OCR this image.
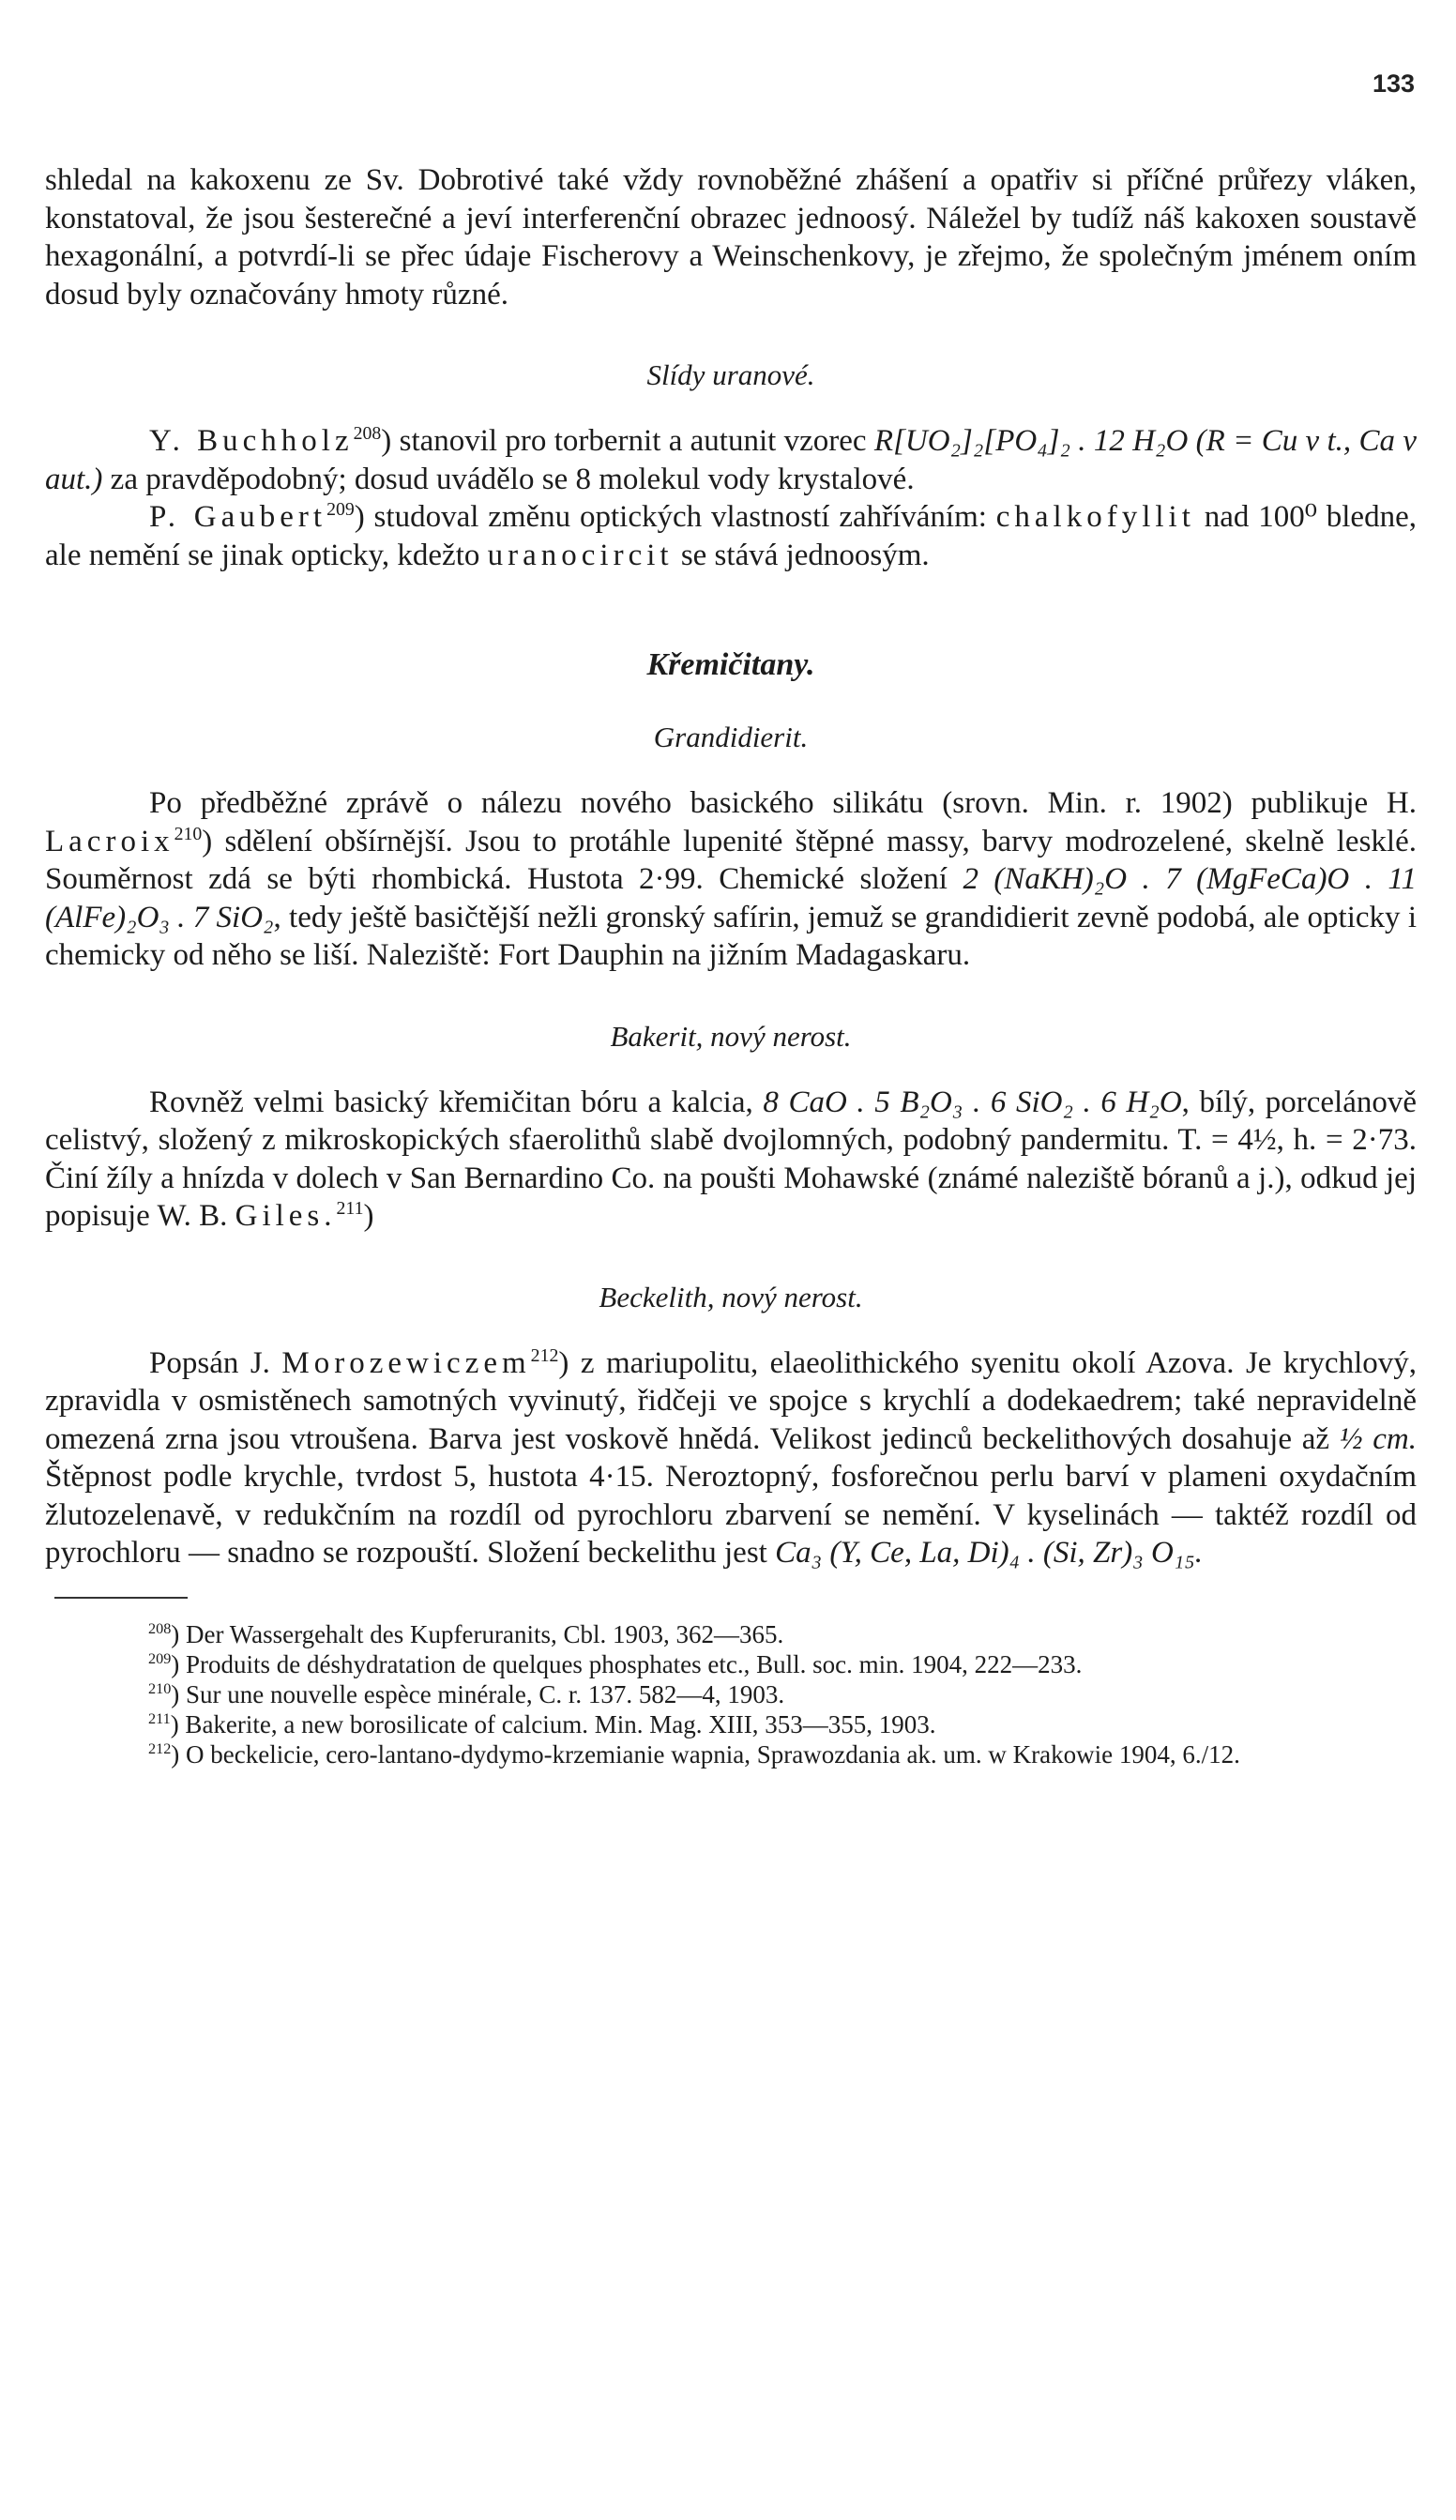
133

shledal na kakoxenu ze Sv. Dobrotivé také vždy rovnoběžné zhášení a opatřiv si příčné průřezy vláken, konstatoval, že jsou šesterečné a jeví interferenční obrazec jednoosý. Náležel by tudíž náš kakoxen soustavě hexagonální, a potvrdí-li se přec údaje Fischerovy a Weinschenkovy, je zřejmo, že společným jménem oním dosud byly označovány hmoty různé.

Slídy uranové.

Y. Buchholz$^{208}$) stanovil pro torbernit a autunit vzorec R[UO₂]₂[PO₄]₂ . 12 H₂O (R = Cu v t., Ca v aut.) za pravděpodobný; dosud uvádělo se 8 molekul vody krystalové.

P. Gaubert$^{209}$) studoval změnu optických vlastností zahříváním: chalkofyllit nad 100⁰ bledne, ale nemění se jinak opticky, kdežto uranocircit se stává jednoosým.

Křemičitany.
Grandidierit.

Po předběžné zprávě o nálezu nového basického silikátu (srovn. Min. r. 1902) publikuje H. Lacroix$^{210}$) sdělení obšírnější. Jsou to protáhle lupenité štěpné massy, barvy modrozelené, skelně lesklé. Souměrnost zdá se býti rhombická. Hustota 2·99. Chemické složení 2 (NaKH)₂O . 7 (MgFeCa)O . 11 (AlFe)₂O₃ . 7 SiO₂, tedy ještě basičtější nežli gronský safírin, jemuž se grandidierit zevně podobá, ale opticky i chemicky od něho se liší. Naleziště: Fort Dauphin na jižním Madagaskaru.

Bakerit, nový nerost.

Rovněž velmi basický křemičitan bóru a kalcia, 8 CaO . 5 B₂O₃ . 6 SiO₂ . 6 H₂O, bílý, porcelánově celistvý, složený z mikroskopických sfaerolithů slabě dvojlomných, podobný pandermitu. T. = 4½, h. = 2·73. Činí žíly a hnízda v dolech v San Bernardino Co. na poušti Mohawské (známé naleziště bóranů a j.), odkud jej popisuje W. B. Giles.$^{211}$)

Beckelith, nový nerost.

Popsán J. Morozewiczem$^{212}$) z mariupolitu, elaeolithického syenitu okolí Azova. Je krychlový, zpravidla v osmistěnech samotných vyvinutý, řidčeji ve spojce s krychlí a dodekaedrem; také nepravidelně omezená zrna jsou vtroušena. Barva jest voskově hnědá. Velikost jedinců beckelithových dosahuje až ½ cm. Štěpnost podle krychle, tvrdost 5, hustota 4·15. Neroztopný, fosforečnou perlu barví v plameni oxydačním žlutozelenavě, v redukčním na rozdíl od pyrochloru zbarvení se nemění. V kyselinách — taktéž rozdíl od pyrochloru — snadno se rozpouští. Složení beckelithu jest Ca₃ (Y, Ce, La, Di)₄ . (Si, Zr)₃ O₁₅.

$^{208}$) Der Wassergehalt des Kupferuranits, Cbl. 1903, 362—365.

$^{209}$) Produits de déshydratation de quelques phosphates etc., Bull. soc. min. 1904, 222—233.

$^{210}$) Sur une nouvelle espèce minérale, C. r. 137. 582—4, 1903.

$^{211}$) Bakerite, a new borosilicate of calcium. Min. Mag. XIII, 353—355, 1903.

$^{212}$) O beckelicie, cero-lantano-dydymo-krzemianie wapnia, Sprawozdania ak. um. w Krakowie 1904, 6./12.
